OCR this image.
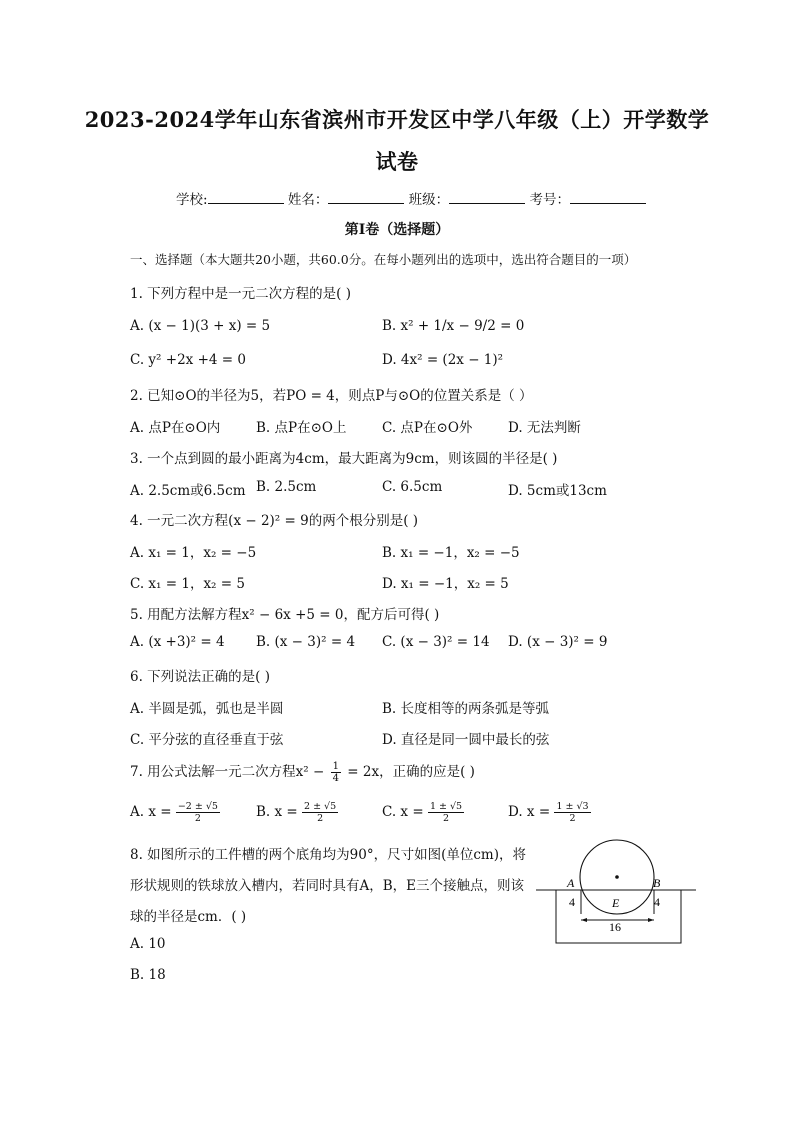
2023-2024学年山东省滨州市开发区中学八年级（上）开学数学
试卷
学校:	姓名：	班级：	考号：
第Ⅰ卷（选择题）
一、选择题（本大题共20小题，共60.0分。在每小题列出的选项中，选出符合题目的一项）
1. 下列方程中是一元二次方程的是( )
A. (x − 1)(3 + x) = 5	B. x² + 1/x − 9/2 = 0
C. y² +2x +4 = 0	D. 4x² = (2x − 1)²
2. 已知⊙O的半径为5，若PO = 4，则点P与⊙O的位置关系是（ ）
A. 点P在⊙O内	B. 点P在⊙O上	C. 点P在⊙O外	D. 无法判断
3. 一个点到圆的最小距离为4cm，最大距离为9cm，则该圆的半径是( )
A. 2.5cm或6.5cm B. 2.5cm	C. 6.5cm	D. 5cm或13cm
4. 一元二次方程(x − 2)² = 9的两个根分别是( )
A. x₁ = 1，x₂ = −5	B. x₁ = −1，x₂ = −5
C. x₁ = 1，x₂ = 5	D. x₁ = −1，x₂ = 5
5. 用配方法解方程x² − 6x +5 = 0，配方后可得( )
A. (x +3)² = 4 B. (x − 3)² = 4 C. (x − 3)² = 14 D. (x − 3)² = 9
6. 下列说法正确的是( )
A. 半圆是弧，弧也是半圆	B. 长度相等的两条弧是等弧
C. 平分弦的直径垂直于弦	D. 直径是同一圆中最长的弦
7. 用公式法解一元二次方程$x^2 - \frac{1}{4} = 2x$，正确的应是( )
A. $x = \frac{-2 \pm √5}{2}$	B. $x = \frac{2 \pm √5}{2}$	C. $x = \frac{1 \pm √5}{2}$	D. $x = \frac{1 \pm √3}{2}$
8. 如图所示的工件槽的两个底角均为90°，尺寸如图(单位cm)，将
形状规则的铁球放入槽内，若同时具有A，B，E三个接触点，则该
球的半径是cm．( )
A. 10
B. 18
A	B
E
4	4
16
